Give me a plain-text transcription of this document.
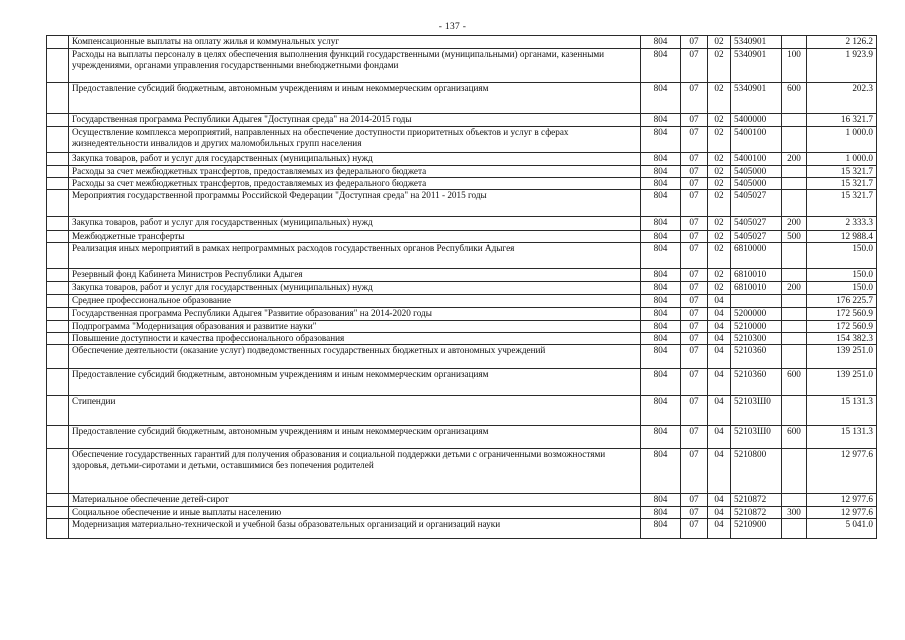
- 137 -
	Компенсационные выплаты на оплату жилья и коммунальных услуг	804	07	02	5340901		2 126.2
	Расходы на выплаты персоналу в целях обеспечения выполнения функций государственными (муниципальными) органами, казенными учреждениями, органами управления государственными внебюджетными фондами	804	07	02	5340901	100	1 923.9
	Предоставление субсидий бюджетным, автономным учреждениям и иным некоммерческим организациям	804	07	02	5340901	600	202.3
	Государственная программа Республики Адыгея "Доступная среда" на 2014-2015 годы	804	07	02	5400000		16 321.7
	Осуществление комплекса мероприятий, направленных на обеспечение доступности приоритетных объектов и услуг в сферах жизнедеятельности инвалидов и других маломобильных групп населения	804	07	02	5400100		1 000.0
	Закупка товаров, работ и услуг для государственных (муниципальных) нужд	804	07	02	5400100	200	1 000.0
	Расходы за счет межбюджетных трансфертов, предоставляемых из федерального бюджета	804	07	02	5405000		15 321.7
	Расходы за счет межбюджетных трансфертов, предоставляемых из федерального бюджета	804	07	02	5405000		15 321.7
	Мероприятия государственной программы Российской Федерации "Доступная среда" на 2011 - 2015 годы	804	07	02	5405027		15 321.7
	Закупка товаров, работ и услуг для государственных (муниципальных) нужд	804	07	02	5405027	200	2 333.3
	Межбюджетные трансферты	804	07	02	5405027	500	12 988.4
	Реализация иных мероприятий в рамках непрограммных расходов государственных органов Республики Адыгея	804	07	02	6810000		150.0
	Резервный фонд Кабинета Министров Республики Адыгея	804	07	02	6810010		150.0
	Закупка товаров, работ и услуг для государственных (муниципальных) нужд	804	07	02	6810010	200	150.0
	Среднее профессиональное образование	804	07	04			176 225.7
	Государственная программа Республики Адыгея "Развитие образования" на 2014-2020 годы	804	07	04	5200000		172 560.9
	Подпрограмма "Модернизация образования и развитие науки"	804	07	04	5210000		172 560.9
	Повышение доступности и качества профессионального образования	804	07	04	5210300		154 382.3
	Обеспечение деятельности (оказание услуг) подведомственных государственных бюджетных и автономных учреждений	804	07	04	5210360		139 251.0
	Предоставление субсидий бюджетным, автономным учреждениям и иным некоммерческим организациям	804	07	04	5210360	600	139 251.0
	Стипендии	804	07	04	52103Ш0		15 131.3
	Предоставление субсидий бюджетным, автономным учреждениям и иным некоммерческим организациям	804	07	04	52103Ш0	600	15 131.3
	Обеспечение государственных гарантий для получения образования и социальной поддержки детьми с ограниченными возможностями здоровья, детьми-сиротами и детьми, оставшимися без попечения родителей	804	07	04	5210800		12 977.6
	Материальное обеспечение детей-сирот	804	07	04	5210872		12 977.6
	Социальное обеспечение и иные выплаты населению	804	07	04	5210872	300	12 977.6
	Модернизация материально-технической и учебной базы образовательных организаций и организаций науки	804	07	04	5210900		5 041.0
